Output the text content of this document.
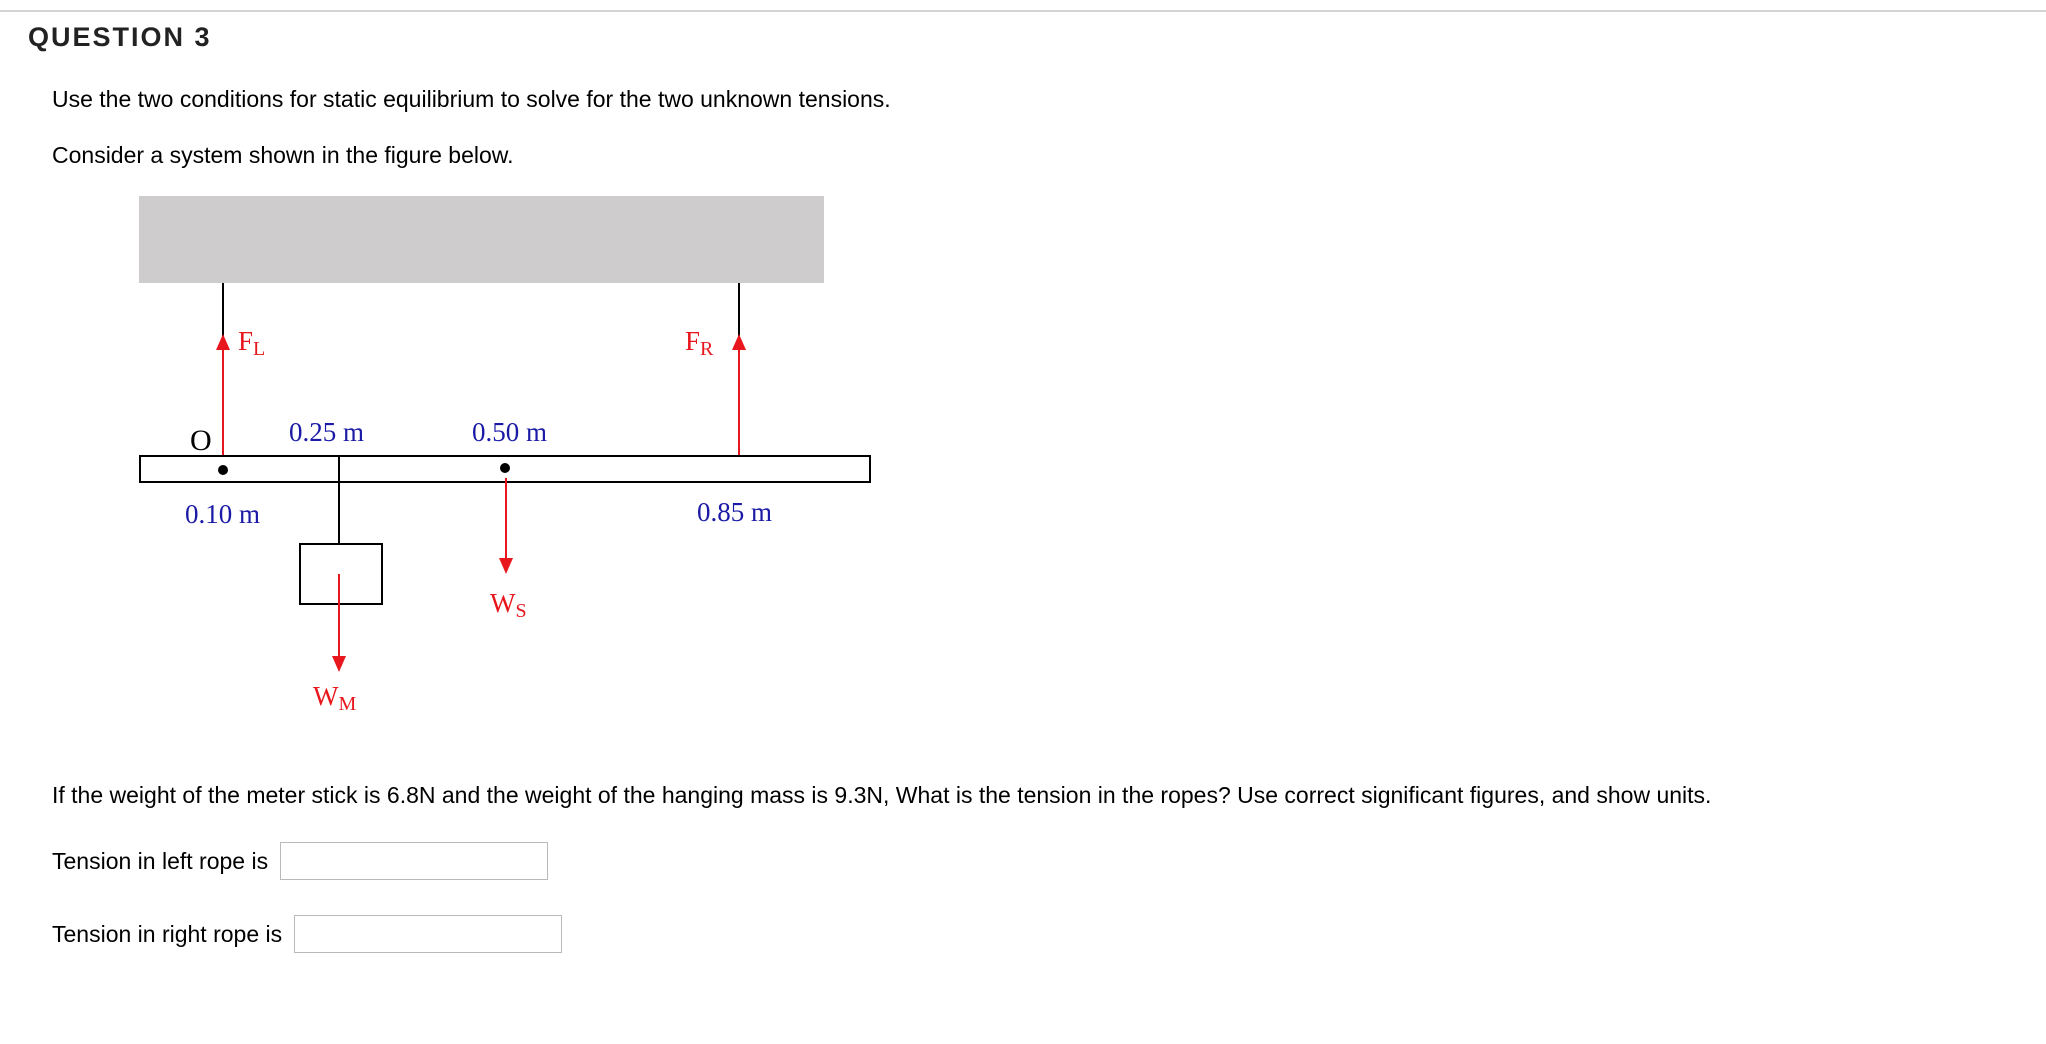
QUESTION 3
Use the two conditions for static equilibrium to solve for the two unknown tensions.
Consider a system shown in the figure below.
O
FL	FR
0.25 m	0.50 m
0.10 m	0.85 m
WS
WM
If the weight of the meter stick is 6.8N and the weight of the hanging mass is 9.3N, What is the tension in the ropes? Use correct significant figures, and show units.
Tension in left rope is
Tension in right rope is
